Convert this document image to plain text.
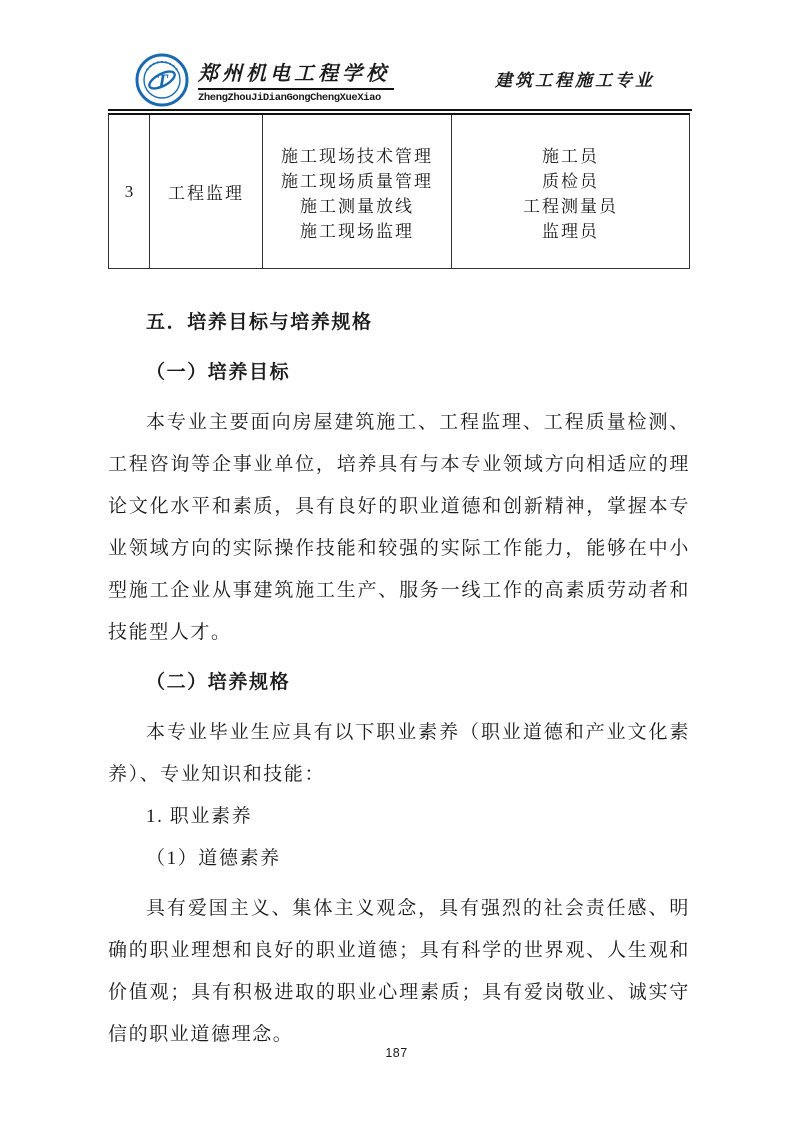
T 郑州机电工程学校
ZhengZhouJiDianGongChengXueXiao
建筑工程施工专业
3	工程监理
施工现场技术管理
施工现场质量管理
施工测量放线
施工现场监理
施工员
质检员
工程测量员
监理员
五．培养目标与培养规格
（一）培养目标

本专业主要面向房屋建筑施工、工程监理、工程质量检测、工程咨询等企事业单位，培养具有与本专业领域方向相适应的理论文化水平和素质，具有良好的职业道德和创新精神，掌握本专业领域方向的实际操作技能和较强的实际工作能力，能够在中小型施工企业从事建筑施工生产、服务一线工作的高素质劳动者和技能型人才。

（二）培养规格

本专业毕业生应具有以下职业素养（职业道德和产业文化素养）、专业知识和技能：

1. 职业素养

（1）道德素养

具有爱国主义、集体主义观念，具有强烈的社会责任感、明确的职业理想和良好的职业道德；具有科学的世界观、人生观和价值观；具有积极进取的职业心理素质；具有爱岗敬业、诚实守信的职业道德理念。

187
